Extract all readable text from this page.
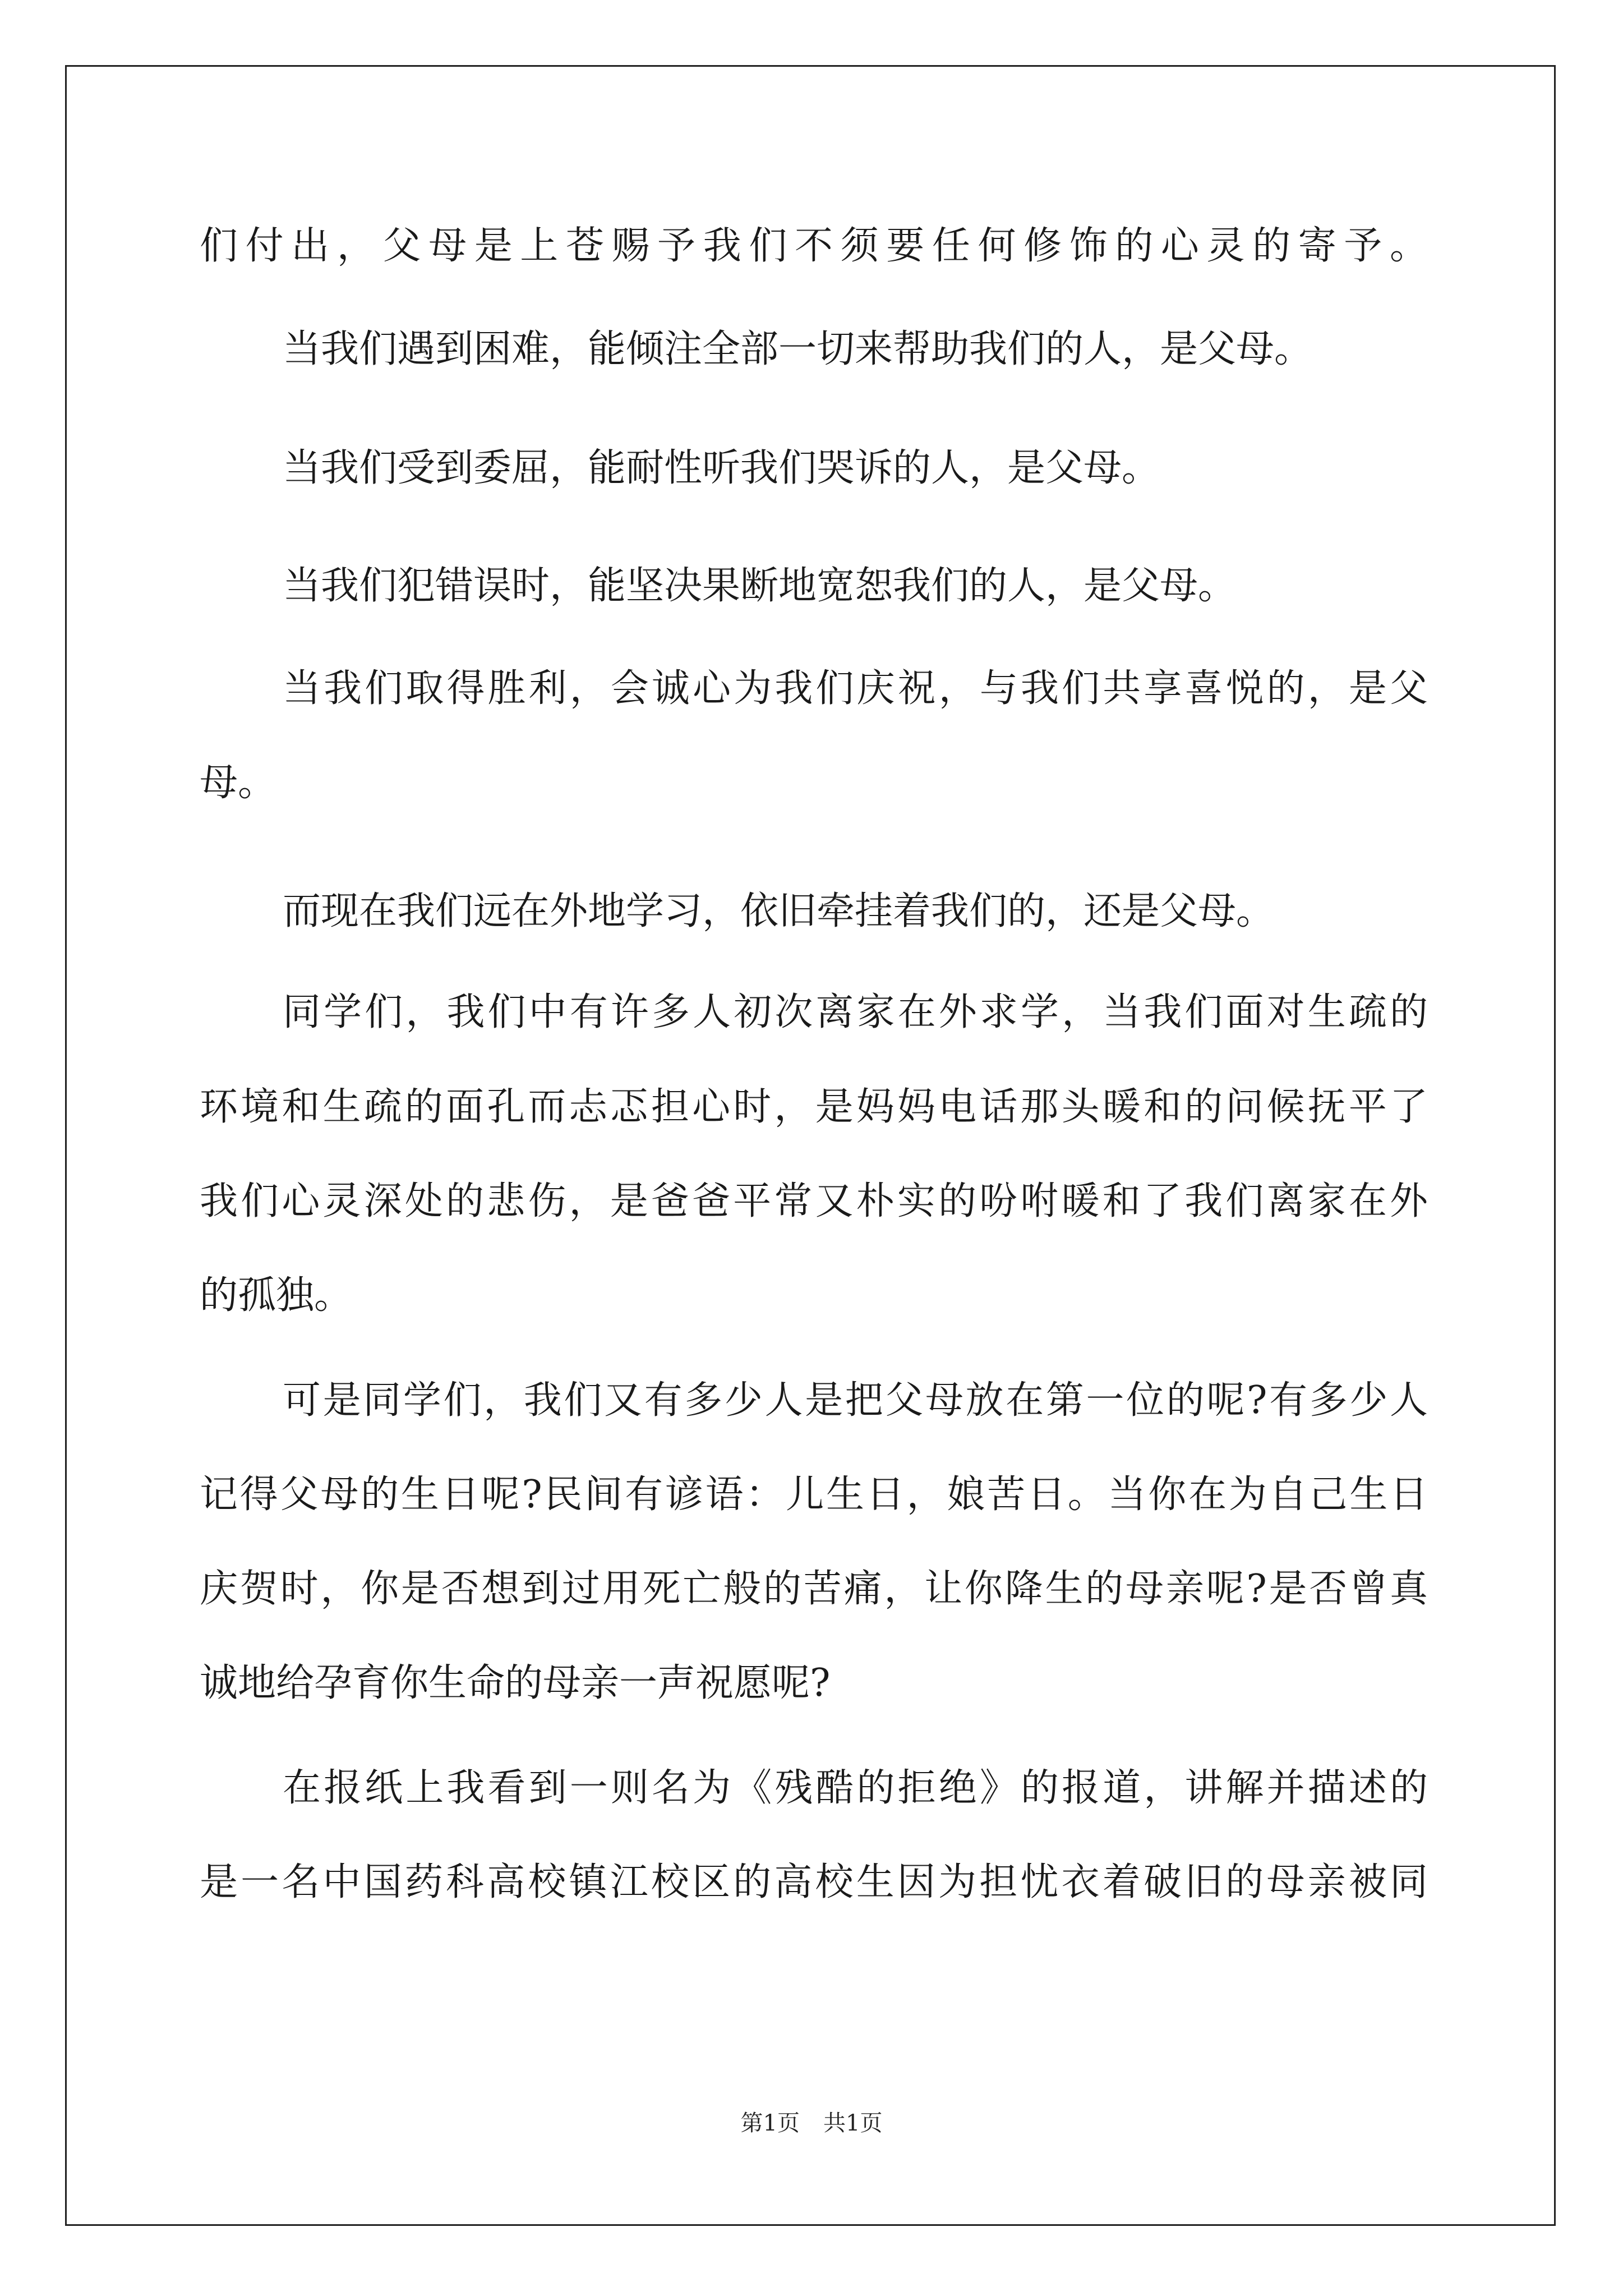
们付出，父母是上苍赐予我们不须要任何修饰的心灵的寄予。
当我们遇到困难，能倾注全部一切来帮助我们的人，是父母。
当我们受到委屈，能耐性听我们哭诉的人，是父母。
当我们犯错误时，能坚决果断地宽恕我们的人，是父母。
当我们取得胜利，会诚心为我们庆祝，与我们共享喜悦的，是父
母。
而现在我们远在外地学习，依旧牵挂着我们的，还是父母。
同学们，我们中有许多人初次离家在外求学，当我们面对生疏的
环境和生疏的面孔而忐忑担心时，是妈妈电话那头暖和的问候抚平了
我们心灵深处的悲伤，是爸爸平常又朴实的吩咐暖和了我们离家在外
的孤独。
可是同学们，我们又有多少人是把父母放在第一位的呢?有多少人
记得父母的生日呢?民间有谚语：儿生日，娘苦日。当你在为自己生日
庆贺时，你是否想到过用死亡般的苦痛，让你降生的母亲呢?是否曾真
诚地给孕育你生命的母亲一声祝愿呢?
在报纸上我看到一则名为《残酷的拒绝》的报道，讲解并描述的
是一名中国药科高校镇江校区的高校生因为担忧衣着破旧的母亲被同
第1页 共1页
